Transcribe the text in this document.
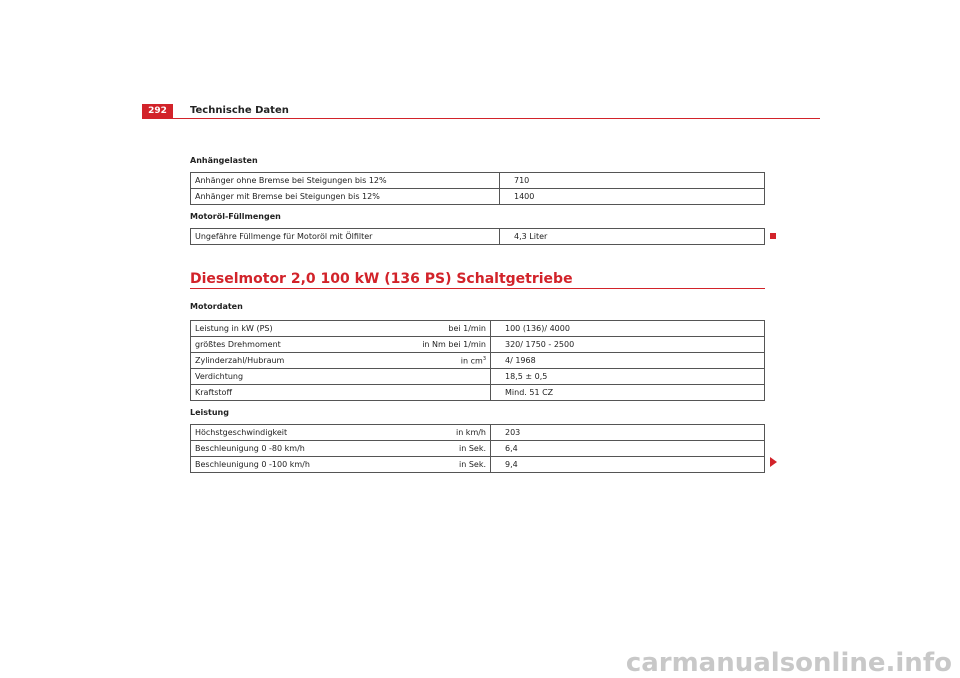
292	Technische Daten
Anhängelasten
Anhänger ohne Bremse bei Steigungen bis 12%	710
Anhänger mit Bremse bei Steigungen bis 12%	1400
Motoröl-Füllmengen
Ungefähre Füllmenge für Motoröl mit Ölfilter	4,3 Liter
Dieselmotor 2,0 100 kW (136 PS) Schaltgetriebe
Motordaten
Leistung in kW (PS)	bei 1/min	100 (136)/ 4000
größtes Drehmoment	in Nm bei 1/min	320/ 1750 - 2500
Zylinderzahl/Hubraum	in $cm^3$	4/ 1968
Verdichtung		18,5 ± 0,5
Kraftstoff		Mind. 51 CZ
Leistung
Höchstgeschwindigkeit	in km/h	203
Beschleunigung 0 -80 km/h	in Sek.	6,4
Beschleunigung 0 -100 km/h	in Sek.	9,4
carmanualsonline.info
